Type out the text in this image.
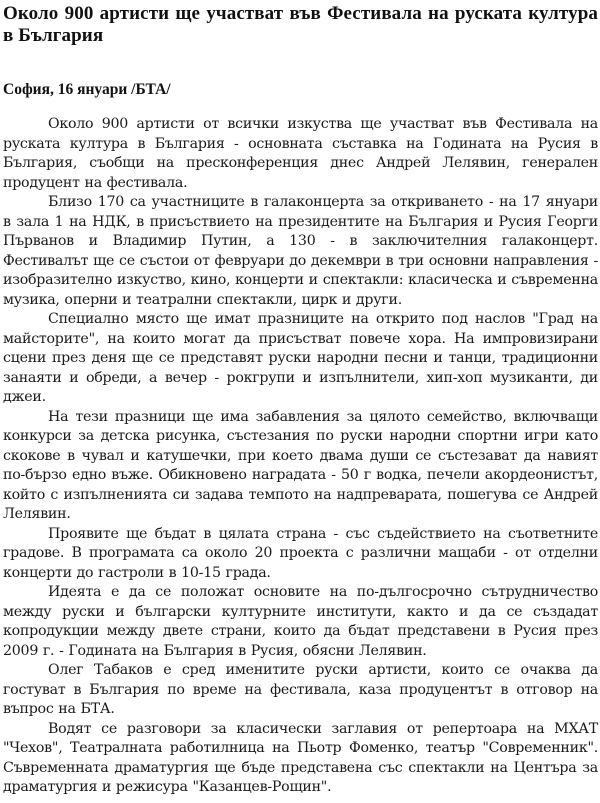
Около 900 артисти ще участват във Фестивала на руската култура в България
София, 16 януари /БТА/

Около 900 артисти от всички изкуства ще участват във Фестивала на руската култура в България - основната съставка на Годината на Русия в България, съобщи на пресконференция днес Андрей Лелявин, генерален продуцент на фестивала.

Близо 170 са участниците в галаконцерта за откриването - на 17 януари в зала 1 на НДК, в присъствието на президентите на България и Русия Георги Първанов и Владимир Путин, а 130 - в заключителния галаконцерт. Фестивалът ще се състои от февруари до декември в три основни направления - изобразително изкуство, кино, концерти и спектакли: класическа и съвременна музика, оперни и театрални спектакли, цирк и други.

Специално място ще имат празниците на открито под наслов "Град на майсторите", на които могат да присъстват повече хора. На импровизирани сцени през деня ще се представят руски народни песни и танци, традиционни занаяти и обреди, а вечер - рокгрупи и изпълнители, хип-хоп музиканти, ди джеи.

На тези празници ще има забавления за цялото семейство, включващи конкурси за детска рисунка, състезания по руски народни спортни игри като скокове в чувал и катушечки, при което двама души се състезават да навият по-бързо едно въже. Обикновено наградата - 50 г водка, печели акордеонистът, който с изпълненията си задава темпото на надпреварата, пошегува се Андрей Лелявин.

Проявите ще бъдат в цялата страна - със съдействието на съответните градове. В програмата са около 20 проекта с различни мащаби - от отделни концерти до гастроли в 10-15 града.

Идеята е да се положат основите на по-дългосрочно сътрудничество между руски и български културните институти, както и да се създадат копродукции между двете страни, които да бъдат представени в Русия през 2009 г. - Годината на България в Русия, обясни Лелявин.

Олег Табаков е сред именитите руски артисти, които се очаква да гостуват в България по време на фестивала, каза продуцентът в отговор на въпрос на БТА.

Водят се разговори за класически заглавия от репертоара на МХАТ "Чехов", Театралната работилница на Пьотр Фоменко, театър "Современник". Съвременната драматургия ще бъде представена със спектакли на Центъра за драматургия и режисура "Казанцев-Рощин".
